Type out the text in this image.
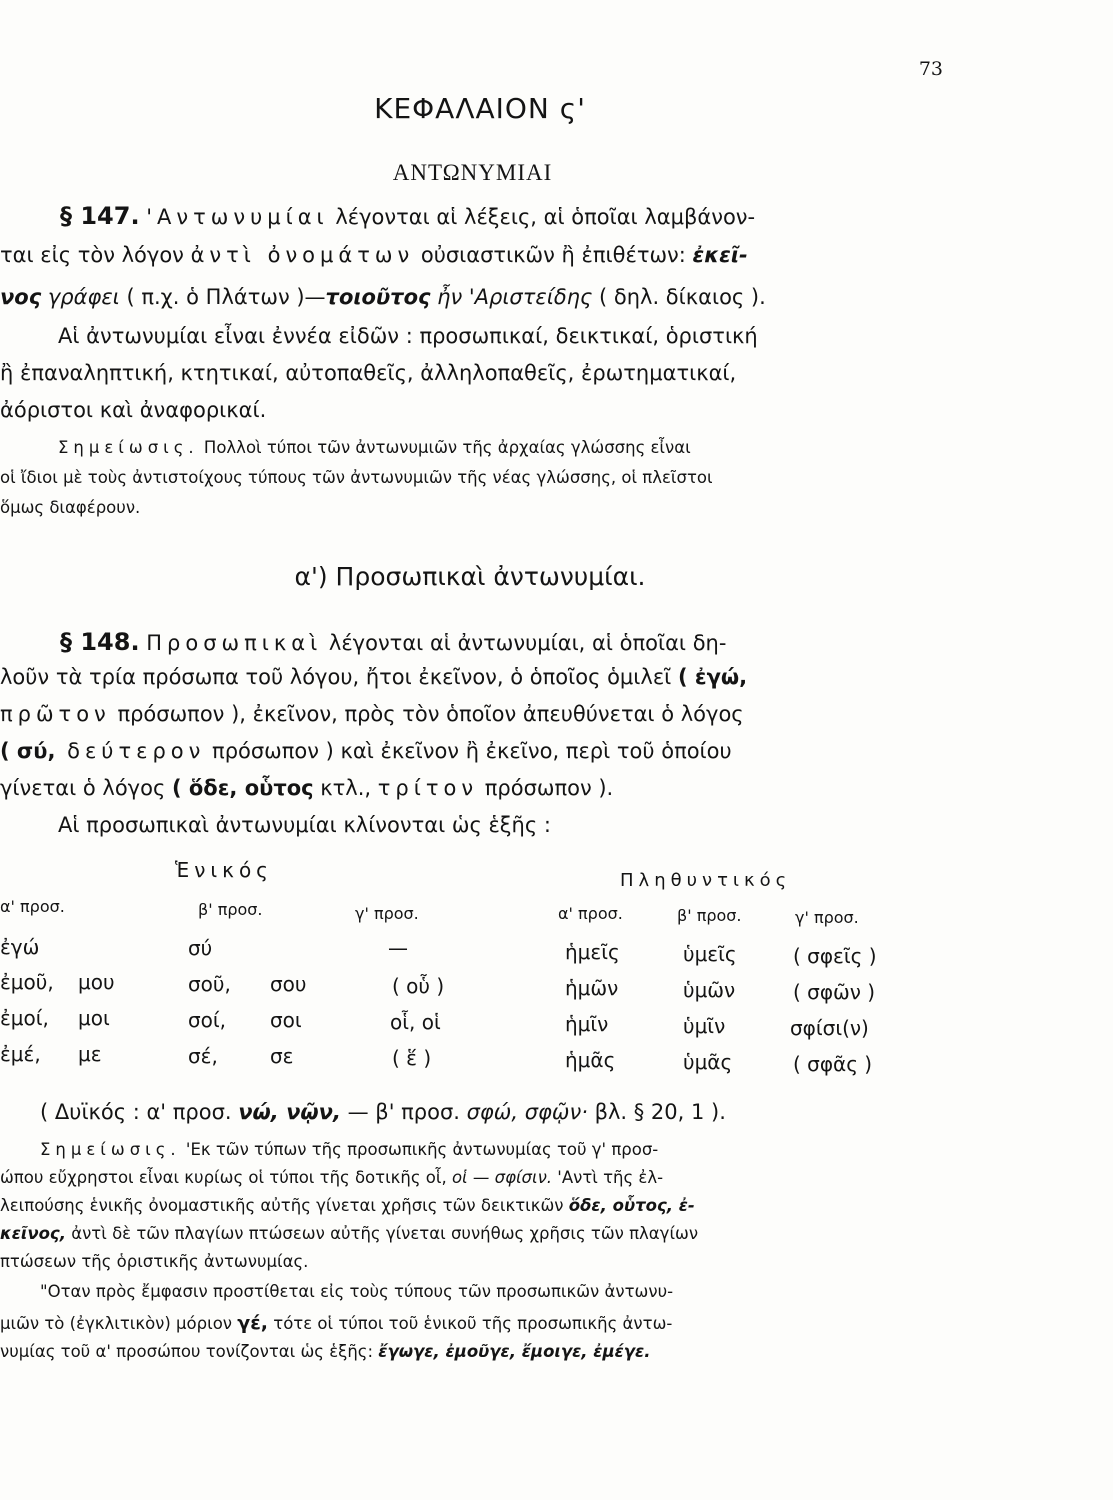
73
ΚΕΦΑΛΑΙΟΝ ς'
ΑΝΤΩΝΥΜΙΑΙ
§ 147. 'Αντωνυμίαι λέγονται αἱ λέξεις, αἱ ὁποῖαι λαμβάνον-
ται εἰς τὸν λόγον ἀντὶ ὀνομάτων οὐσιαστικῶν ἢ ἐπιθέτων: ἐκεῖ-
νος γράφει ( π.χ. ὁ Πλάτων )—τοιοῦτος ἦν 'Αριστείδης ( δηλ. δίκαιος ).
Αἱ ἀντωνυμίαι εἶναι ἐννέα εἰδῶν : προσωπικαί, δεικτικαί, ὁριστική
ἢ ἐπαναληπτική, κτητικαί, αὐτοπαθεῖς, ἀλληλοπαθεῖς, ἐρωτηματικαί,
ἀόριστοι καὶ ἀναφορικαί.
Σημείωσις. Πολλοὶ τύποι τῶν ἀντωνυμιῶν τῆς ἀρχαίας γλώσσης εἶναι
οἱ ἴδιοι μὲ τοὺς ἀντιστοίχους τύπους τῶν ἀντωνυμιῶν τῆς νέας γλώσσης, οἱ πλεῖστοι
ὅμως διαφέρουν.
α') Προσωπικαὶ ἀντωνυμίαι.
§ 148. Προσωπικαὶ λέγονται αἱ ἀντωνυμίαι, αἱ ὁποῖαι δη-
λοῦν τὰ τρία πρόσωπα τοῦ λόγου, ἤτοι ἐκεῖνον, ὁ ὁποῖος ὁμιλεῖ ( ἐγώ,
πρῶτον πρόσωπον ), ἐκεῖνον, πρὸς τὸν ὁποῖον ἀπευθύνεται ὁ λόγος
( σύ, δεύτερον πρόσωπον ) καὶ ἐκεῖνον ἢ ἐκεῖνο, περὶ τοῦ ὁποίου
γίνεται ὁ λόγος ( ὅδε, οὗτος κτλ., τρίτον πρόσωπον ).
Αἱ προσωπικαὶ ἀντωνυμίαι κλίνονται ὡς ἑξῆς :
Ἑνικός	Πληθυντικός
α' προσ.	β' προσ.	γ' προσ.	α' προσ.	β' προσ.	γ' προσ.
ἐγώ	σύ	—	ἡμεῖς	ὑμεῖς	( σφεῖς )
ἐμοῦ, μου	σοῦ, σου	( οὗ )	ἡμῶν	ὑμῶν	( σφῶν )
ἐμοί, μοι	σοί, σοι	οἷ, οἱ	ἡμῖν	ὑμῖν	σφίσι(ν)
ἐμέ, με	σέ,	σε	( ἕ )	ἡμᾶς	ὑμᾶς	( σφᾶς )
( Δυϊκός : α' προσ. νώ, νῷν, — β' προσ. σφώ, σφῷν· βλ. § 20, 1 ).
Σημείωσις. 'Εκ τῶν τύπων τῆς προσωπικῆς ἀντωνυμίας τοῦ γ' προσ-
ώπου εὔχρηστοι εἶναι κυρίως οἱ τύποι τῆς δοτικῆς οἷ, οἱ — σφίσιν. 'Αντὶ τῆς ἐλ-
λειπούσης ἑνικῆς ὀνομαστικῆς αὐτῆς γίνεται χρῆσις τῶν δεικτικῶν ὅδε, οὗτος, ἐ-
κεῖνος, ἀντὶ δὲ τῶν πλαγίων πτώσεων αὐτῆς γίνεται συνήθως χρῆσις τῶν πλαγίων
πτώσεων τῆς ὁριστικῆς ἀντωνυμίας.
"Οταν πρὸς ἔμφασιν προστίθεται εἰς τοὺς τύπους τῶν προσωπικῶν ἀντωνυ-
μιῶν τὸ (ἐγκλιτικὸν) μόριον γέ, τότε οἱ τύποι τοῦ ἑνικοῦ τῆς προσωπικῆς ἀντω-
νυμίας τοῦ α' προσώπου τονίζονται ὡς ἑξῆς: ἔγωγε, ἐμοῦγε, ἔμοιγε, ἐμέγε.
